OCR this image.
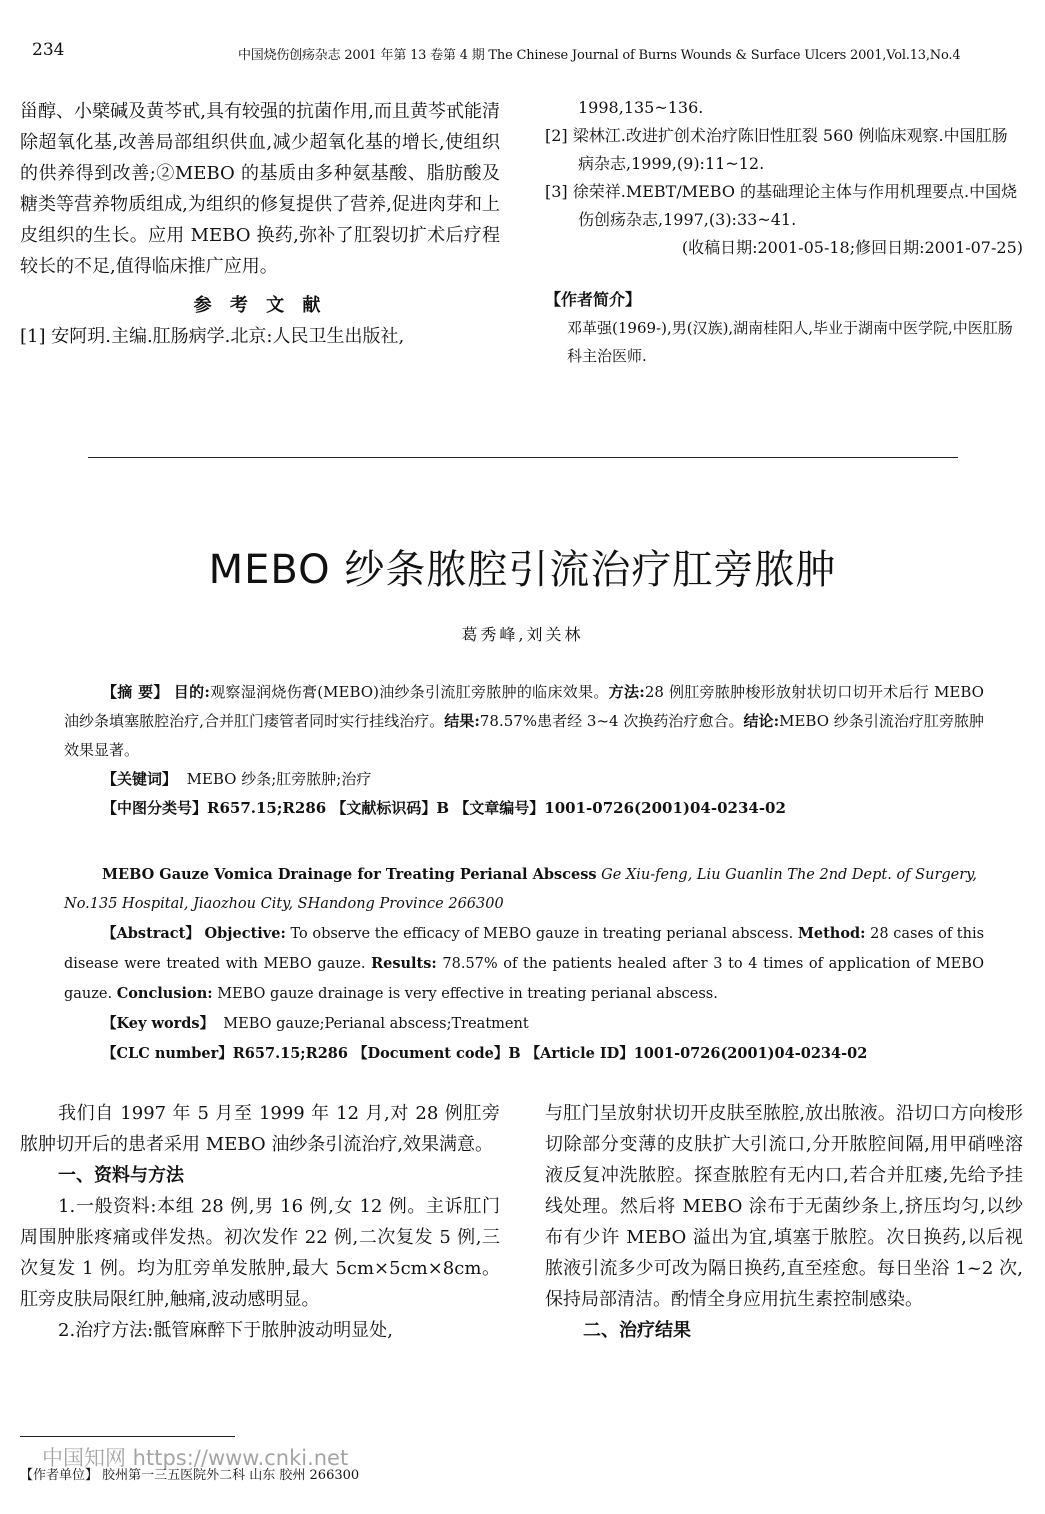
234	中国烧伤创疡杂志 2001 年第 13 卷第 4 期 The Chinese Journal of Burns Wounds & Surface Ulcers 2001,Vol.13,No.4

甾醇、小檗碱及黄芩甙,具有较强的抗菌作用,而且黄芩甙能清除超氧化基,改善局部组织供血,减少超氧化基的增长,使组织的供养得到改善;②MEBO 的基质由多种氨基酸、脂肪酸及糖类等营养物质组成,为组织的修复提供了营养,促进肉芽和上皮组织的生长。应用 MEBO 换药,弥补了肛裂切扩术后疗程较长的不足,值得临床推广应用。

参 考 文 献

[1] 安阿玥.主编.肛肠病学.北京:人民卫生出版社,

1998,135~136.

[2] 梁林江.改进扩创术治疗陈旧性肛裂 560 例临床观察.中国肛肠病杂志,1999,(9):11~12.

[3] 徐荣祥.MEBT/MEBO 的基础理论主体与作用机理要点.中国烧伤创疡杂志,1997,(3):33~41.

(收稿日期:2001-05-18;修回日期:2001-07-25)

【作者简介】

邓革强(1969-),男(汉族),湖南桂阳人,毕业于湖南中医学院,中医肛肠科主治医师.

MEBO 纱条脓腔引流治疗肛旁脓肿
葛秀峰,刘关林

【摘 要】 目的:观察湿润烧伤膏(MEBO)油纱条引流肛旁脓肿的临床效果。方法:28 例肛旁脓肿梭形放射状切口切开术后行 MEBO 油纱条填塞脓腔治疗,合并肛门瘘管者同时实行挂线治疗。结果:78.57%患者经 3~4 次换药治疗愈合。结论:MEBO 纱条引流治疗肛旁脓肿效果显著。

【关键词】 MEBO 纱条;肛旁脓肿;治疗

【中图分类号】R657.15;R286 【文献标识码】B 【文章编号】1001-0726(2001)04-0234-02

MEBO Gauze Vomica Drainage for Treating Perianal Abscess Ge Xiu-feng, Liu Guanlin The 2nd Dept. of Surgery,

No.135 Hospital, Jiaozhou City, SHandong Province 266300

【Abstract】 Objective: To observe the efficacy of MEBO gauze in treating perianal abscess. Method: 28 cases of this disease were treated with MEBO gauze. Results: 78.57% of the patients healed after 3 to 4 times of application of MEBO gauze. Conclusion: MEBO gauze drainage is very effective in treating perianal abscess.

【Key words】 MEBO gauze;Perianal abscess;Treatment

【CLC number】R657.15;R286 【Document code】B 【Article ID】1001-0726(2001)04-0234-02

我们自 1997 年 5 月至 1999 年 12 月,对 28 例肛旁脓肿切开后的患者采用 MEBO 油纱条引流治疗,效果满意。

一、资料与方法

1.一般资料:本组 28 例,男 16 例,女 12 例。主诉肛门周围肿胀疼痛或伴发热。初次发作 22 例,二次复发 5 例,三次复发 1 例。均为肛旁单发脓肿,最大 5cm×5cm×8cm。肛旁皮肤局限红肿,触痛,波动感明显。

2.治疗方法:骶管麻醉下于脓肿波动明显处,

与肛门呈放射状切开皮肤至脓腔,放出脓液。沿切口方向梭形切除部分变薄的皮肤扩大引流口,分开脓腔间隔,用甲硝唑溶液反复冲洗脓腔。探查脓腔有无内口,若合并肛瘘,先给予挂线处理。然后将 MEBO 涂布于无菌纱条上,挤压均匀,以纱布有少许 MEBO 溢出为宜,填塞于脓腔。次日换药,以后视脓液引流多少可改为隔日换药,直至痊愈。每日坐浴 1~2 次,保持局部清洁。酌情全身应用抗生素控制感染。

二、治疗结果

【作者单位】 胶州第一三五医院外二科 山东 胶州 266300
中国知网 https://www.cnki.net
